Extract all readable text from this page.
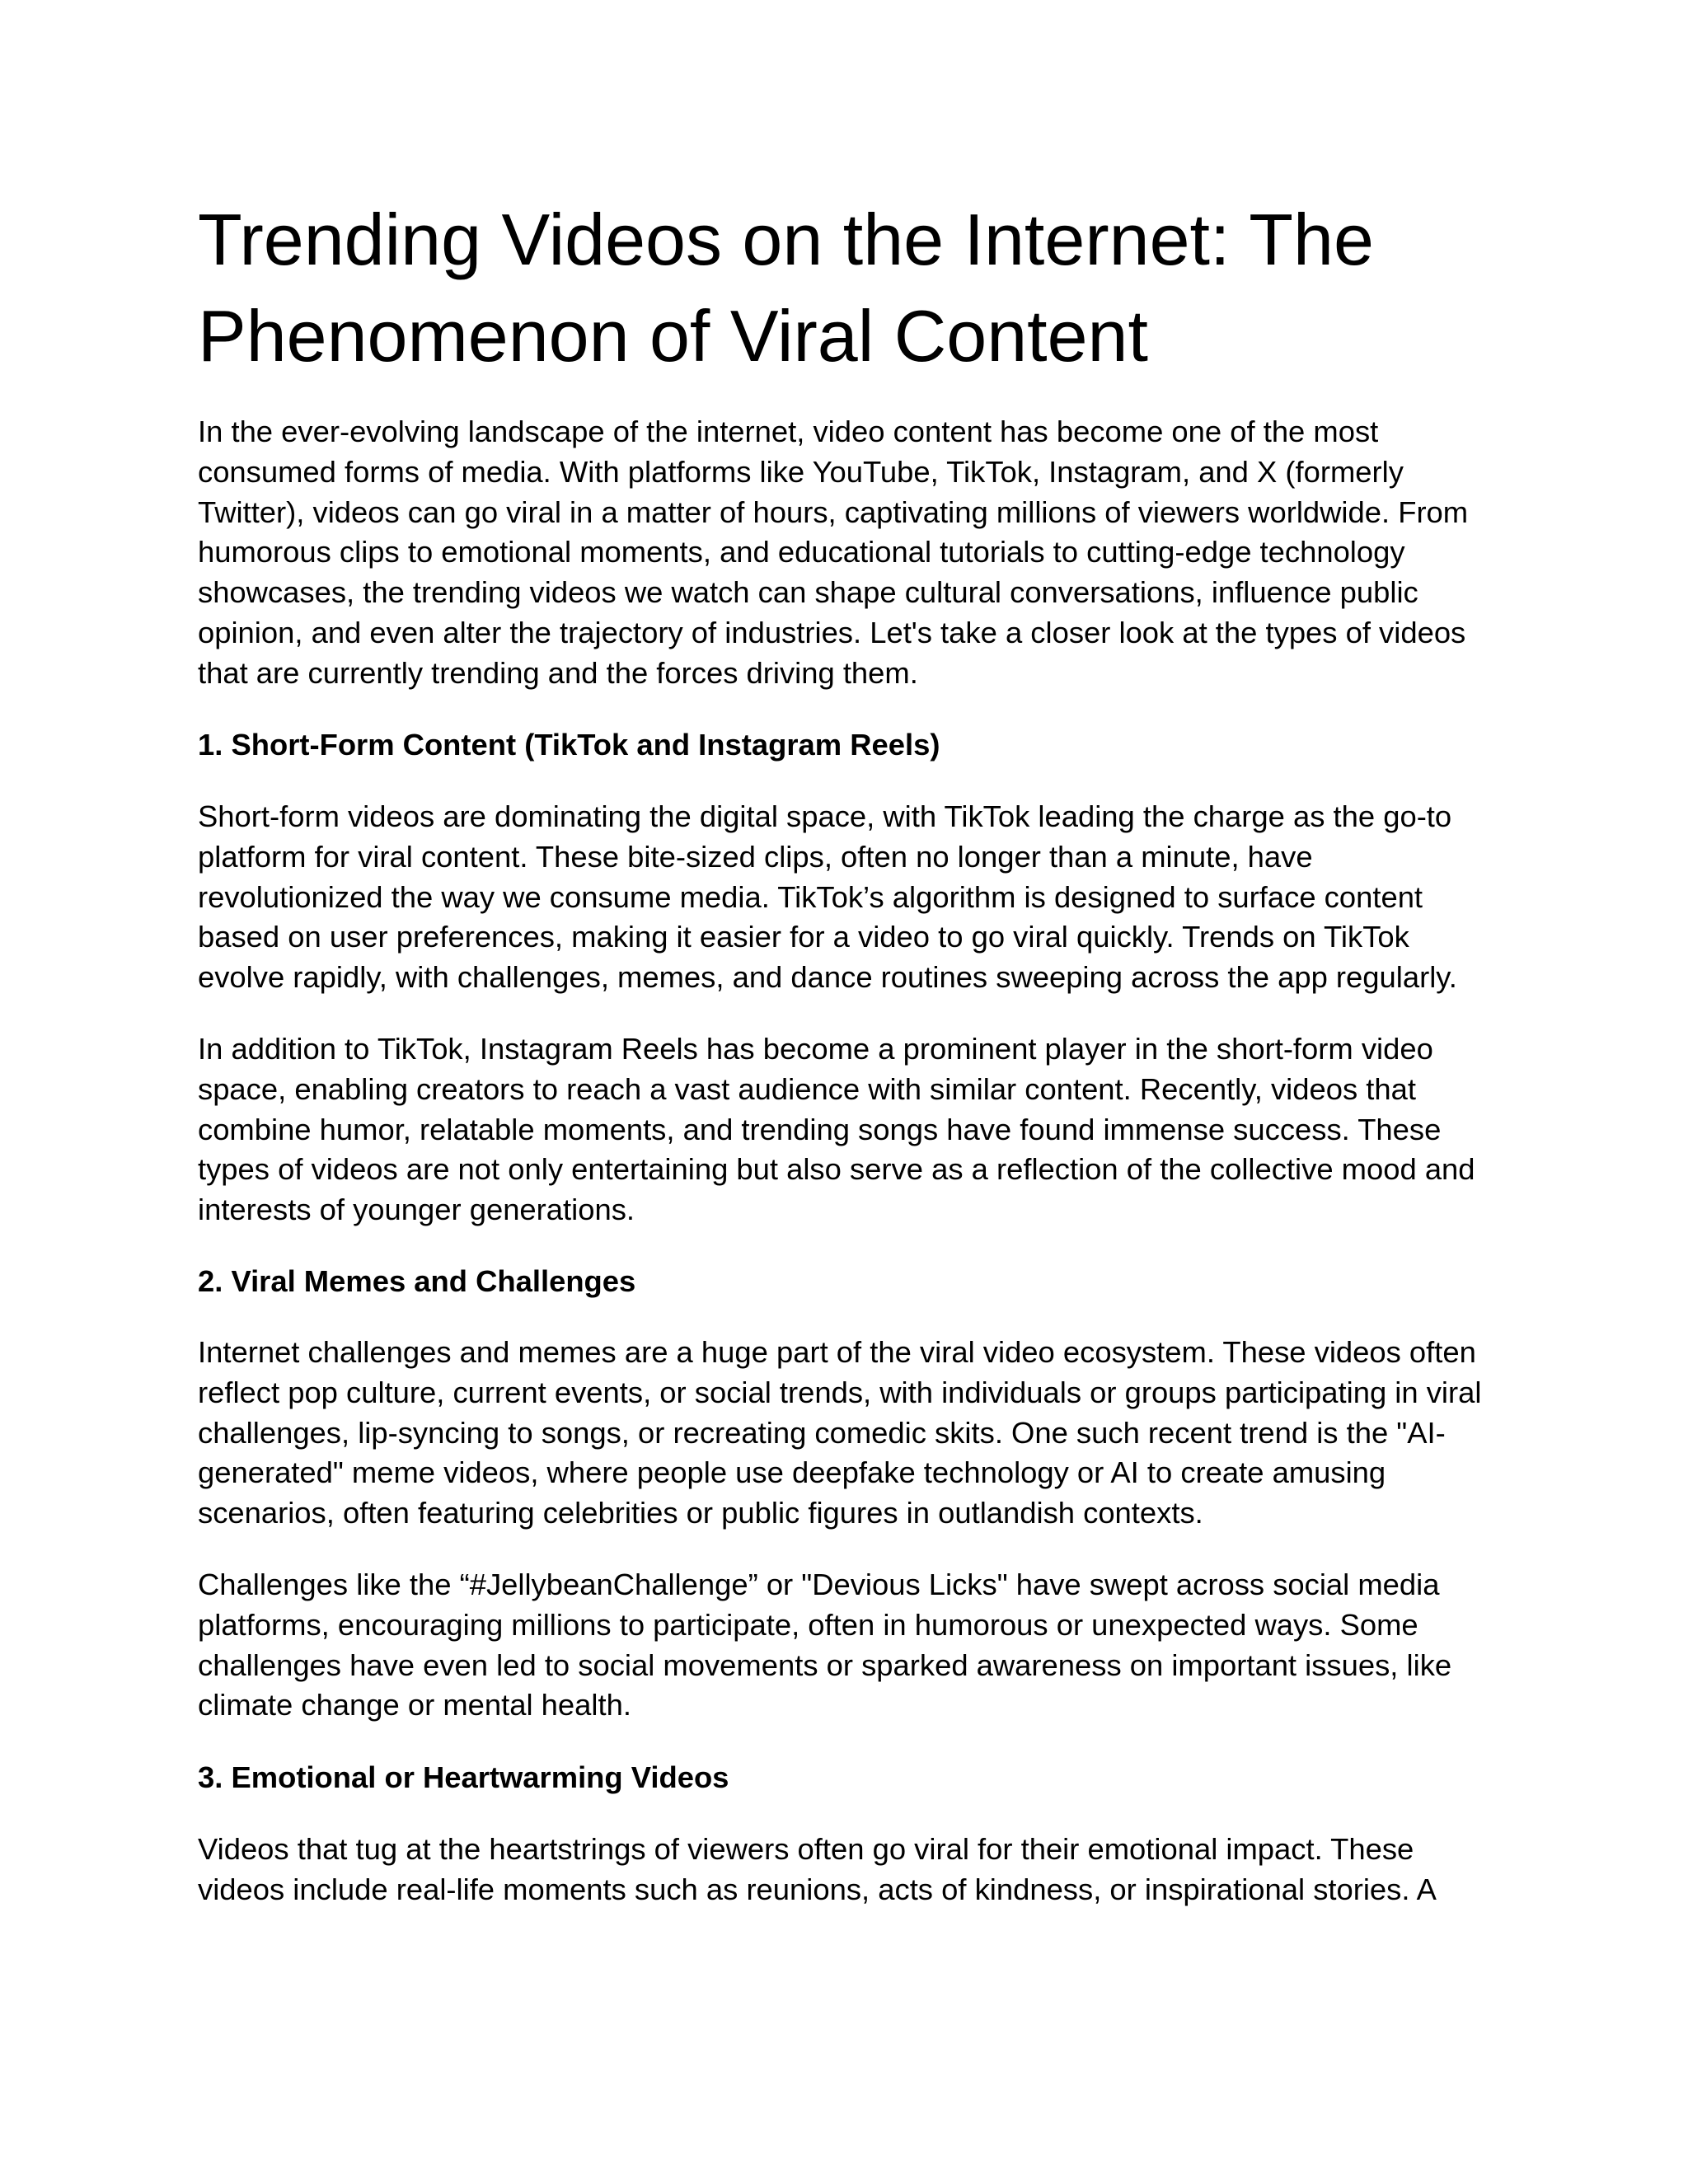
Trending Videos on the Internet: The Phenomenon of Viral Content

In the ever-evolving landscape of the internet, video content has become one of the most consumed forms of media. With platforms like YouTube, TikTok, Instagram, and X (formerly Twitter), videos can go viral in a matter of hours, captivating millions of viewers worldwide. From humorous clips to emotional moments, and educational tutorials to cutting-edge technology showcases, the trending videos we watch can shape cultural conversations, influence public opinion, and even alter the trajectory of industries. Let's take a closer look at the types of videos that are currently trending and the forces driving them.

1. Short-Form Content (TikTok and Instagram Reels)

Short-form videos are dominating the digital space, with TikTok leading the charge as the go-to platform for viral content. These bite-sized clips, often no longer than a minute, have revolutionized the way we consume media. TikTok’s algorithm is designed to surface content based on user preferences, making it easier for a video to go viral quickly. Trends on TikTok evolve rapidly, with challenges, memes, and dance routines sweeping across the app regularly.

In addition to TikTok, Instagram Reels has become a prominent player in the short-form video space, enabling creators to reach a vast audience with similar content. Recently, videos that combine humor, relatable moments, and trending songs have found immense success. These types of videos are not only entertaining but also serve as a reflection of the collective mood and interests of younger generations.

2. Viral Memes and Challenges

Internet challenges and memes are a huge part of the viral video ecosystem. These videos often reflect pop culture, current events, or social trends, with individuals or groups participating in viral challenges, lip-syncing to songs, or recreating comedic skits. One such recent trend is the "AI-generated" meme videos, where people use deepfake technology or AI to create amusing scenarios, often featuring celebrities or public figures in outlandish contexts.

Challenges like the “#JellybeanChallenge” or "Devious Licks" have swept across social media platforms, encouraging millions to participate, often in humorous or unexpected ways. Some challenges have even led to social movements or sparked awareness on important issues, like climate change or mental health.

3. Emotional or Heartwarming Videos

Videos that tug at the heartstrings of viewers often go viral for their emotional impact. These videos include real-life moments such as reunions, acts of kindness, or inspirational stories. A
